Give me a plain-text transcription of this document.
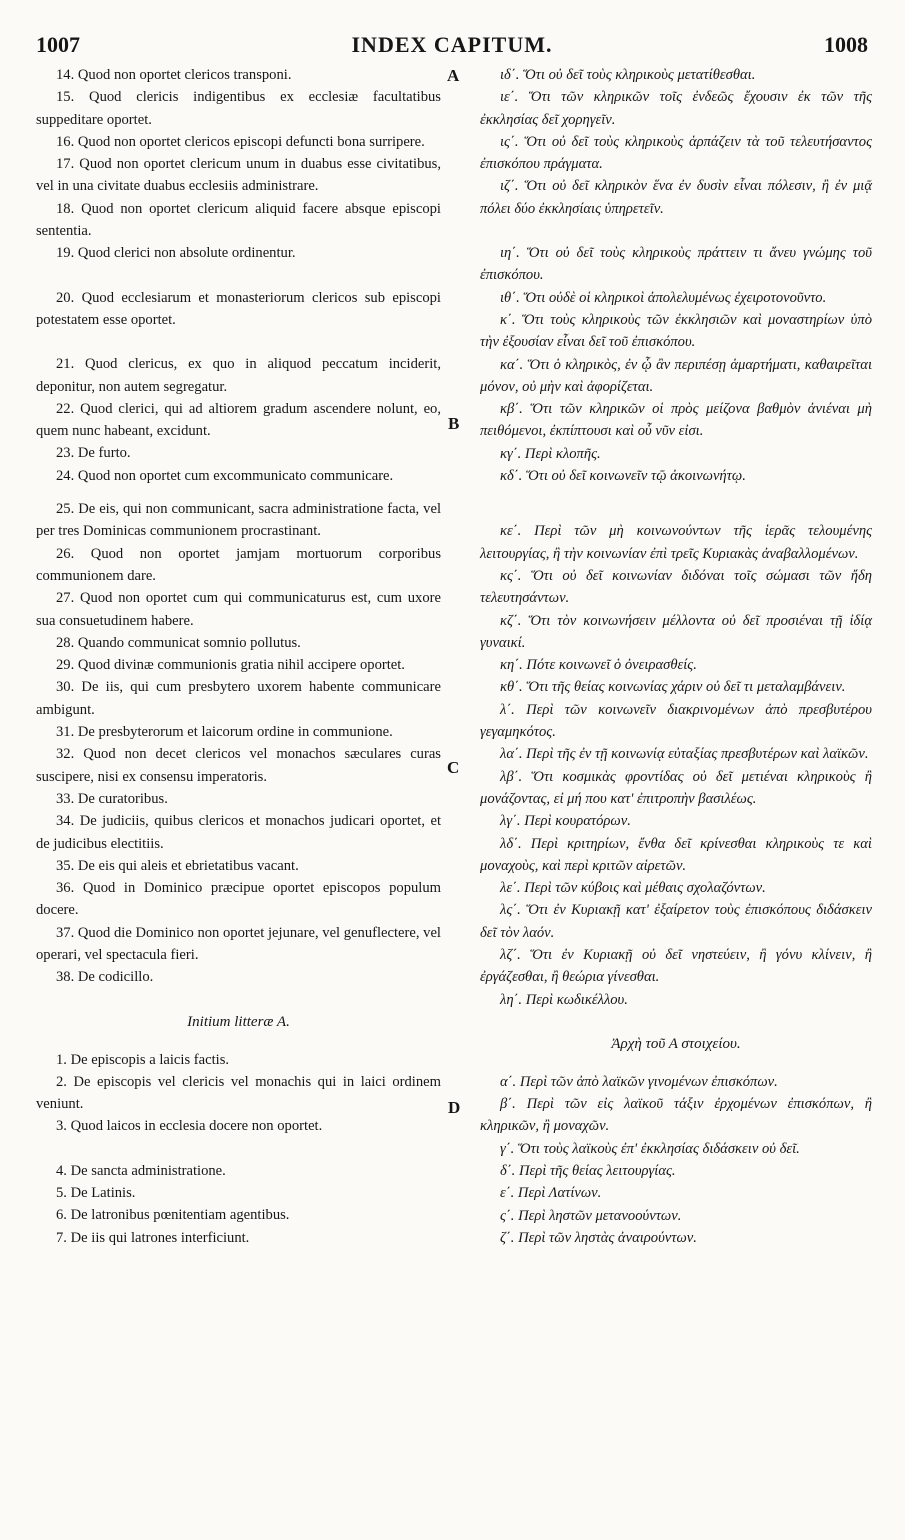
1007	INDEX CAPITUM.	1008
A
B
C
D

14. Quod non oportet clericos transponi.

15. Quod clericis indigentibus ex ecclesiæ facultatibus suppeditare oportet.

16. Quod non oportet clericos episcopi defuncti bona surripere.

17. Quod non oportet clericum unum in duabus esse civitatibus, vel in una civitate duabus ecclesiis administrare.

18. Quod non oportet clericum aliquid facere absque episcopi sententia.

19. Quod clerici non absolute ordinentur.

20. Quod ecclesiarum et monasteriorum clericos sub episcopi potestatem esse oportet.

21. Quod clericus, ex quo in aliquod peccatum inciderit, deponitur, non autem segregatur.

22. Quod clerici, qui ad altiorem gradum ascendere nolunt, eo, quem nunc habeant, excidunt.

23. De furto.

24. Quod non oportet cum excommunicato communicare.

25. De eis, qui non communicant, sacra administratione facta, vel per tres Dominicas communionem procrastinant.

26. Quod non oportet jamjam mortuorum corporibus communionem dare.

27. Quod non oportet cum qui communicaturus est, cum uxore sua consuetudinem habere.

28. Quando communicat somnio pollutus.

29. Quod divinæ communionis gratia nihil accipere oportet.

30. De iis, qui cum presbytero uxorem habente communicare ambigunt.

31. De presbyterorum et laicorum ordine in communione.

32. Quod non decet clericos vel monachos sæculares curas suscipere, nisi ex consensu imperatoris.

33. De curatoribus.

34. De judiciis, quibus clericos et monachos judicari oportet, et de judicibus electitiis.

35. De eis qui aleis et ebrietatibus vacant.

36. Quod in Dominico præcipue oportet episcopos populum docere.

37. Quod die Dominico non oportet jejunare, vel genuflectere, vel operari, vel spectacula fieri.

38. De codicillo.

Initium litteræ A.

1. De episcopis a laicis factis.

2. De episcopis vel clericis vel monachis qui in laici ordinem veniunt.

3. Quod laicos in ecclesia docere non oportet.

4. De sancta administratione.

5. De Latinis.

6. De latronibus pœnitentiam agentibus.

7. De iis qui latrones interficiunt.

ιδ΄. Ὅτι οὐ δεῖ τοὺς κληρικοὺς μετατίθεσθαι.

ιε΄. Ὅτι τῶν κληρικῶν τοῖς ἐνδεῶς ἔχουσιν ἐκ τῶν τῆς ἐκκλησίας δεῖ χορηγεῖν.

ις΄. Ὅτι οὐ δεῖ τοὺς κληρικοὺς ἁρπάζειν τὰ τοῦ τελευτήσαντος ἐπισκόπου πράγματα.

ιζ΄. Ὅτι οὐ δεῖ κληρικὸν ἕνα ἐν δυσὶν εἶναι πόλεσιν, ἢ ἐν μιᾷ πόλει δύο ἐκκλησίαις ὑπηρετεῖν.

ιη΄. Ὅτι οὐ δεῖ τοὺς κληρικοὺς πράττειν τι ἄνευ γνώμης τοῦ ἐπισκόπου.

ιθ΄. Ὅτι οὐδὲ οἱ κληρικοὶ ἀπολελυμένως ἐχειροτονοῦντο.

κ΄. Ὅτι τοὺς κληρικοὺς τῶν ἐκκλησιῶν καὶ μοναστηρίων ὑπὸ τὴν ἐξουσίαν εἶναι δεῖ τοῦ ἐπισκόπου.

κα΄. Ὅτι ὁ κληρικὸς, ἐν ᾧ ἂν περιπέσῃ ἁμαρτήματι, καθαιρεῖται μόνον, οὐ μὴν καὶ ἀφορίζεται.

κβ΄. Ὅτι τῶν κληρικῶν οἱ πρὸς μείζονα βαθμὸν ἀνιέναι μὴ πειθόμενοι, ἐκπίπτουσι καὶ οὗ νῦν εἰσι.

κγ΄. Περὶ κλοπῆς.

κδ΄. Ὅτι οὐ δεῖ κοινωνεῖν τῷ ἀκοινωνήτῳ.

κε΄. Περὶ τῶν μὴ κοινωνούντων τῆς ἱερᾶς τελουμένης λειτουργίας, ἢ τὴν κοινωνίαν ἐπὶ τρεῖς Κυριακὰς ἀναβαλλομένων.

κς΄. Ὅτι οὐ δεῖ κοινωνίαν διδόναι τοῖς σώμασι τῶν ἤδη τελευτησάντων.

κζ΄. Ὅτι τὸν κοινωνήσειν μέλλοντα οὐ δεῖ προσιέναι τῇ ἰδίᾳ γυναικί.

κη΄. Πότε κοινωνεῖ ὁ ὀνειρασθείς.

κθ΄. Ὅτι τῆς θείας κοινωνίας χάριν οὐ δεῖ τι μεταλαμβάνειν.

λ΄. Περὶ τῶν κοινωνεῖν διακρινομένων ἀπὸ πρεσβυτέρου γεγαμηκότος.

λα΄. Περὶ τῆς ἐν τῇ κοινωνίᾳ εὐταξίας πρεσβυτέρων καὶ λαϊκῶν.

λβ΄. Ὅτι κοσμικὰς φροντίδας οὐ δεῖ μετιέναι κληρικοὺς ἢ μονάζοντας, εἰ μή που κατ' ἐπιτροπὴν βασιλέως.

λγ΄. Περὶ κουρατόρων.

λδ΄. Περὶ κριτηρίων, ἔνθα δεῖ κρίνεσθαι κληρικοὺς τε καὶ μοναχοὺς, καὶ περὶ κριτῶν αἱρετῶν.

λε΄. Περὶ τῶν κύβοις καὶ μέθαις σχολαζόντων.

λς΄. Ὅτι ἐν Κυριακῇ κατ' ἐξαίρετον τοὺς ἐπισκόπους διδάσκειν δεῖ τὸν λαόν.

λζ΄. Ὅτι ἐν Κυριακῇ οὐ δεῖ νηστεύειν, ἢ γόνυ κλίνειν, ἢ ἐργάζεσθαι, ἢ θεώρια γίνεσθαι.

λη΄. Περὶ κωδικέλλου.

Ἀρχὴ τοῦ Α στοιχείου.

α΄. Περὶ τῶν ἀπὸ λαϊκῶν γινομένων ἐπισκόπων.

β΄. Περὶ τῶν εἰς λαϊκοῦ τάξιν ἐρχομένων ἐπισκόπων, ἢ κληρικῶν, ἢ μοναχῶν.

γ΄. Ὅτι τοὺς λαϊκοὺς ἐπ' ἐκκλησίας διδάσκειν οὐ δεῖ.

δ΄. Περὶ τῆς θείας λειτουργίας.

ε΄. Περὶ Λατίνων.

ς΄. Περὶ ληστῶν μετανοούντων.

ζ΄. Περὶ τῶν ληστὰς ἀναιρούντων.
